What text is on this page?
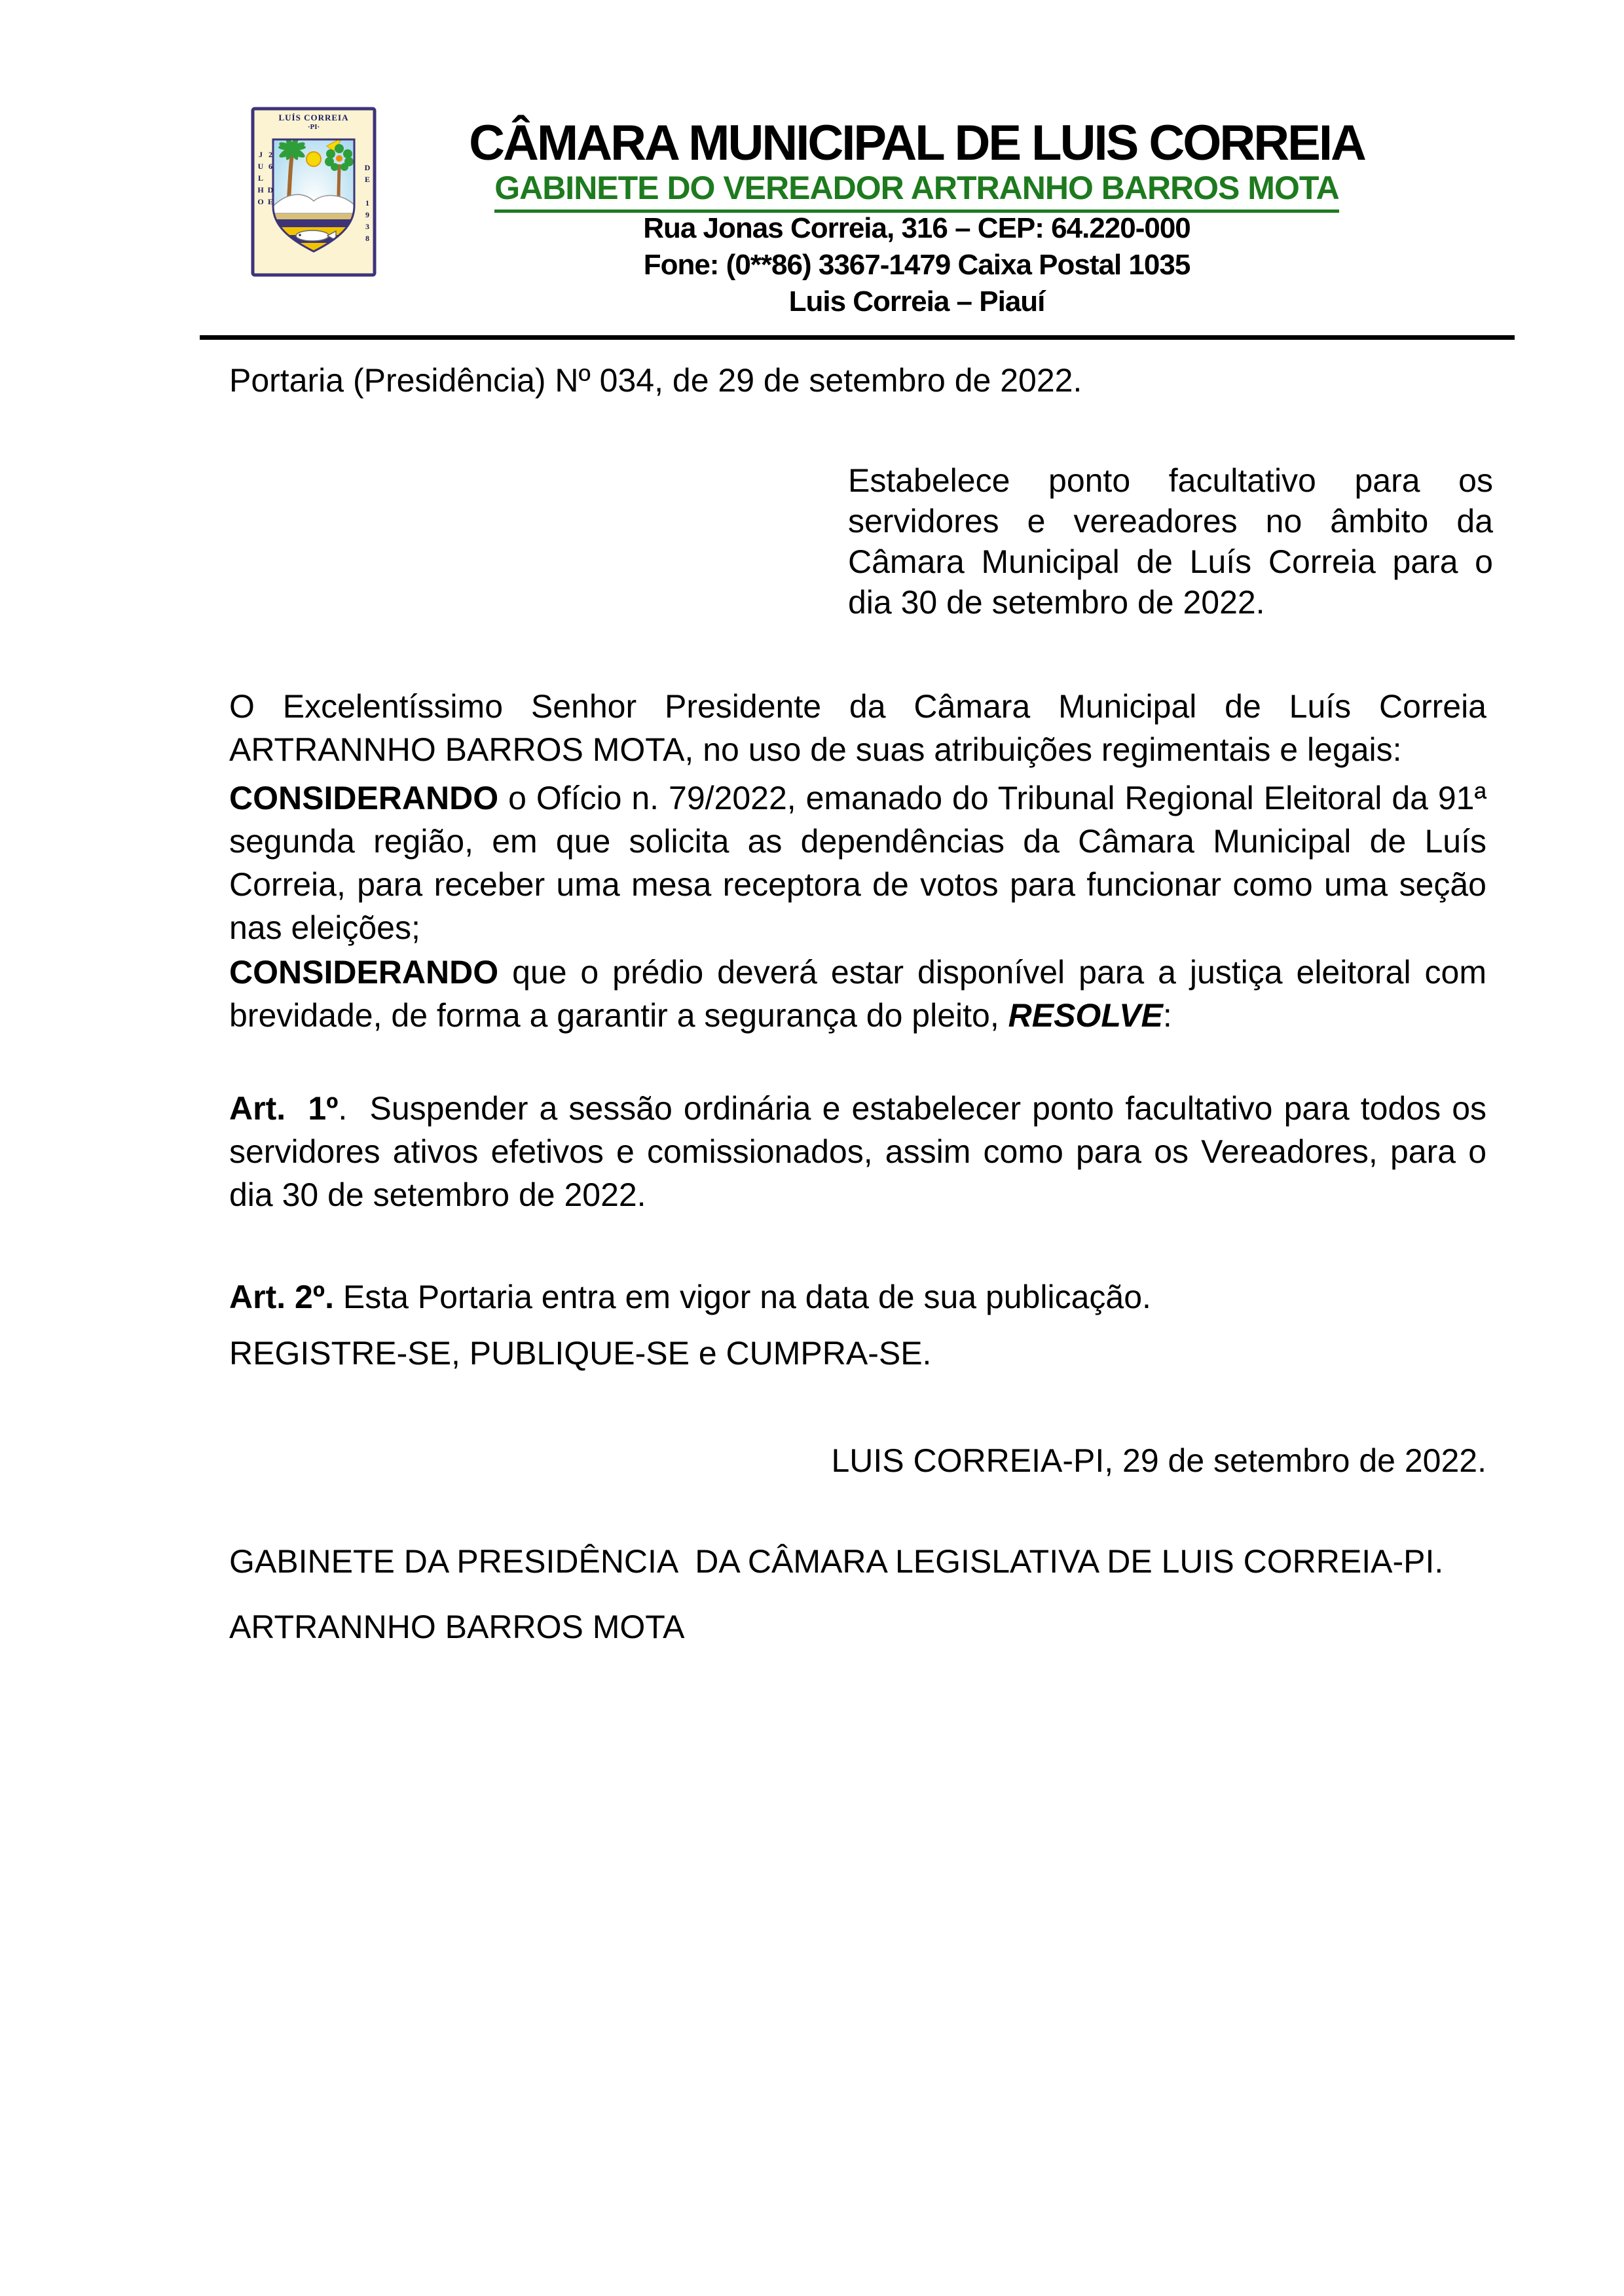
LUÍS CORREIA
·PI·
26 DE JULHO	DE 1938
CÂMARA MUNICIPAL DE LUIS CORREIA
GABINETE DO VEREADOR ARTRANHO BARROS MOTA
Rua Jonas Correia, 316 – CEP: 64.220-000
Fone: (0**86) 3367-1479 Caixa Postal 1035
Luis Correia – Piauí
Portaria (Presidência) Nº 034, de 29 de setembro de 2022.
Estabelece ponto facultativo para os servidores e vereadores no âmbito da Câmara Municipal de Luís Correia para o dia 30 de setembro de 2022.
O Excelentíssimo Senhor Presidente da Câmara Municipal de Luís Correia ARTRANNHO BARROS MOTA, no uso de suas atribuições regimentais e legais:
CONSIDERANDO o Ofício n. 79/2022, emanado do Tribunal Regional Eleitoral da 91ª segunda região, em que solicita as dependências da Câmara Municipal de Luís Correia, para receber uma mesa receptora de votos para funcionar como uma seção nas eleições;
CONSIDERANDO que o prédio deverá estar disponível para a justiça eleitoral com brevidade, de forma a garantir a segurança do pleito, RESOLVE:
Art.  1º.  Suspender a sessão ordinária e estabelecer ponto facultativo para todos os servidores ativos efetivos e comissionados, assim como para os Vereadores, para o dia 30 de setembro de 2022.
Art. 2º. Esta Portaria entra em vigor na data de sua publicação.
REGISTRE-SE, PUBLIQUE-SE e CUMPRA-SE.
LUIS CORREIA-PI, 29 de setembro de 2022.
GABINETE DA PRESIDÊNCIA  DA CÂMARA LEGISLATIVA DE LUIS CORREIA-PI.
ARTRANNHO BARROS MOTA
